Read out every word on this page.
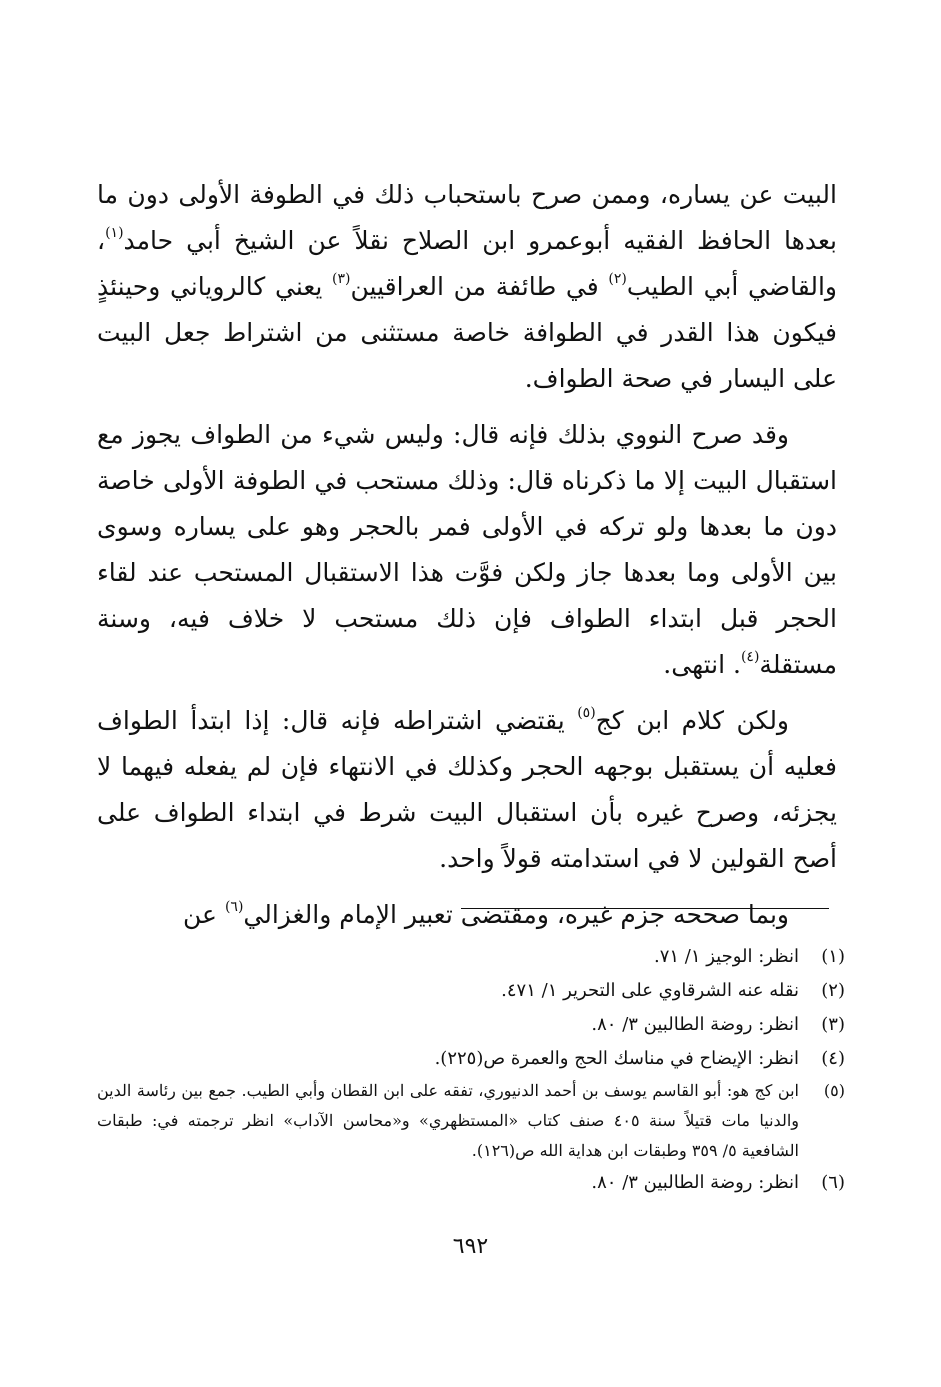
البيت عن يساره، وممن صرح باستحباب ذلك في الطوفة الأولى دون ما بعدها الحافظ الفقيه أبوعمرو ابن الصلاح نقلاً عن الشيخ أبي حامد$^{(١)}$، والقاضي أبي الطيب$^{(٢)}$ في طائفة من العراقيين$^{(٣)}$ يعني كالروياني وحينئذٍ فيكون هذا القدر في الطوافة خاصة مستثنى من اشتراط جعل البيت على اليسار في صحة الطواف.

وقد صرح النووي بذلك فإنه قال: وليس شيء من الطواف يجوز مع استقبال البيت إلا ما ذكرناه قال: وذلك مستحب في الطوفة الأولى خاصة دون ما بعدها ولو تركه في الأولى فمر بالحجر وهو على يساره وسوى بين الأولى وما بعدها جاز ولكن فوَّت هذا الاستقبال المستحب عند لقاء الحجر قبل ابتداء الطواف فإن ذلك مستحب لا خلاف فيه، وسنة مستقلة$^{(٤)}$. انتهى.

ولكن كلام ابن كج$^{(٥)}$ يقتضي اشتراطه فإنه قال: إذا ابتدأ الطواف فعليه أن يستقبل بوجهه الحجر وكذلك في الانتهاء فإن لم يفعله فيهما لا يجزئه، وصرح غيره بأن استقبال البيت شرط في ابتداء الطواف على أصح القولين لا في استدامته قولاً واحد.

وبما صححه جزم غيره، ومقتضى تعبير الإمام والغزالي$^{(٦)}$ عن

(١)
انظر: الوجيز ١/ ٧١.
(٢)
نقله عنه الشرقاوي على التحرير ١/ ٤٧١.
(٣)
انظر: روضة الطالبين ٣/ ٨٠.
(٤)
انظر: الإيضاح في مناسك الحج والعمرة ص(٢٢٥).
(٥)
ابن كج هو: أبو القاسم يوسف بن أحمد الدنيوري، تفقه على ابن القطان وأبي الطيب. جمع بين رئاسة الدين والدنيا مات قتيلاً سنة ٤٠٥ صنف كتاب «المستظهري» و«محاسن الآداب» انظر ترجمته في: طبقات الشافعية ٥/ ٣٥٩ وطبقات ابن هداية الله ص(١٢٦).
(٦)
انظر: روضة الطالبين ٣/ ٨٠.
٦٩٢
